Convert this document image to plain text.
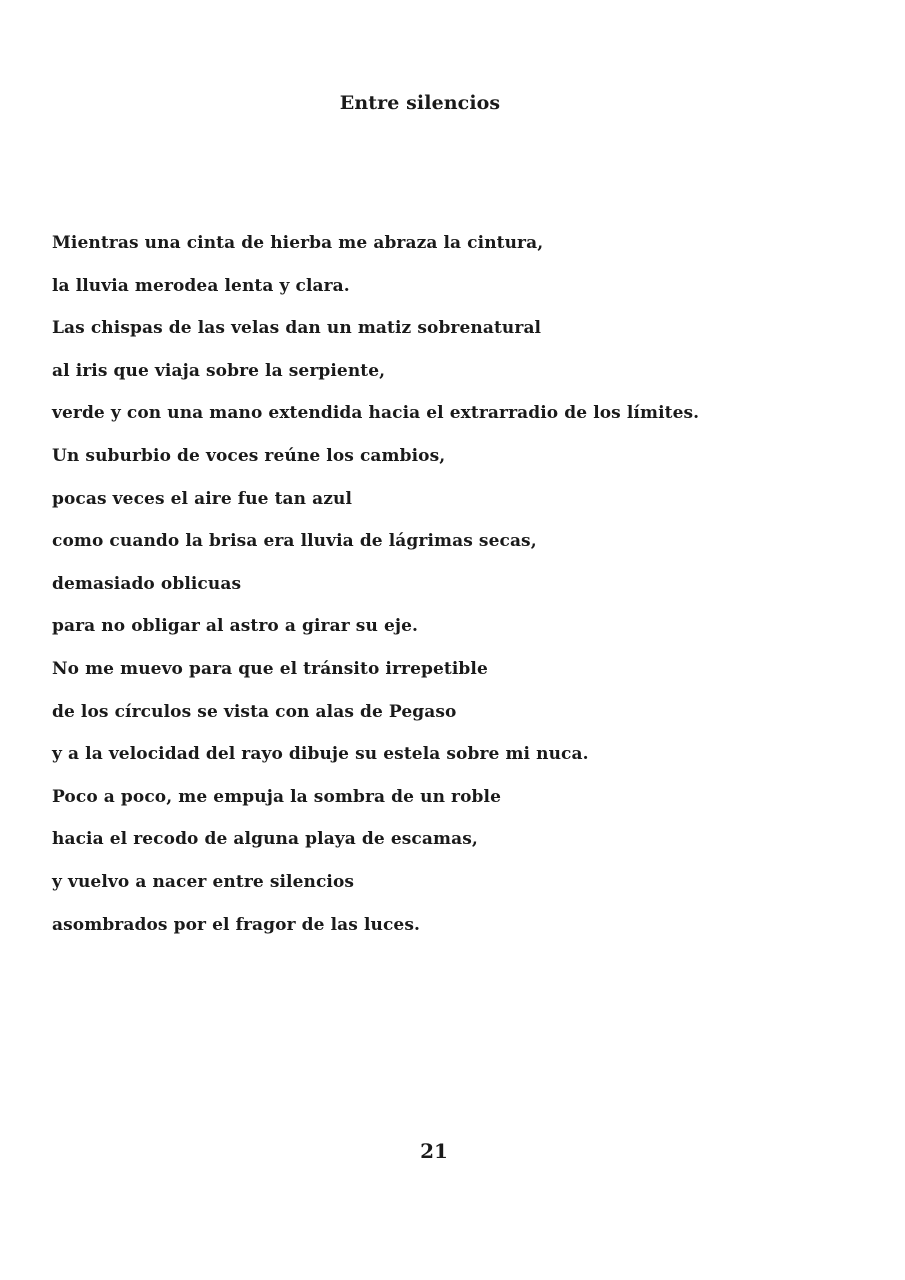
Entre silencios
Mientras una cinta de hierba me abraza la cintura,
la lluvia merodea lenta y clara.
Las chispas de las velas dan un matiz sobrenatural
al iris que viaja sobre la serpiente,
verde y con una mano extendida hacia el extrarradio de los límites.
Un suburbio de voces reúne los cambios,
pocas veces el aire fue tan azul
como cuando la brisa era lluvia de lágrimas secas,
demasiado oblicuas
para no obligar al astro a girar su eje.
No me muevo para que el tránsito irrepetible
de los círculos se vista con alas de Pegaso
y a la velocidad del rayo dibuje su estela sobre mi nuca.
Poco a poco, me empuja la sombra de un roble
hacia el recodo de alguna playa de escamas,
y vuelvo a nacer entre silencios
asombrados por el fragor de las luces.
21
